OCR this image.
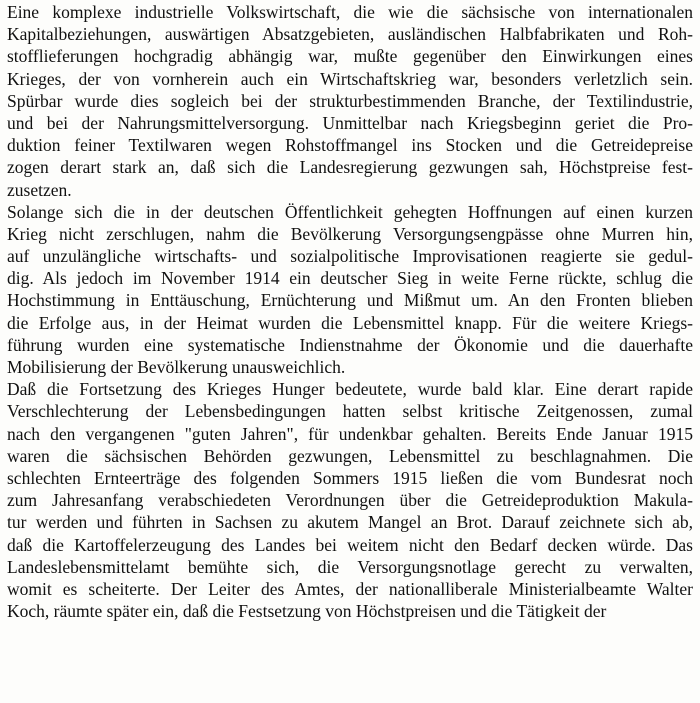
Eine komplexe industrielle Volkswirtschaft, die wie die sächsische von internationalen
Kapitalbeziehungen, auswärtigen Absatzgebieten, ausländischen Halbfabrikaten und Roh-
stofflieferungen hochgradig abhängig war, mußte gegenüber den Einwirkungen eines
Krieges, der von vornherein auch ein Wirtschaftskrieg war, besonders verletzlich sein.
Spürbar wurde dies sogleich bei der strukturbestimmenden Branche, der Textilindustrie,
und bei der Nahrungsmittelversorgung. Unmittelbar nach Kriegsbeginn geriet die Pro-
duktion feiner Textilwaren wegen Rohstoffmangel ins Stocken und die Getreidepreise
zogen derart stark an, daß sich die Landesregierung gezwungen sah, Höchstpreise fest-
zusetzen.
Solange sich die in der deutschen Öffentlichkeit gehegten Hoffnungen auf einen kurzen
Krieg nicht zerschlugen, nahm die Bevölkerung Versorgungsengpässe ohne Murren hin,
auf unzulängliche wirtschafts- und sozialpolitische Improvisationen reagierte sie gedul-
dig. Als jedoch im November 1914 ein deutscher Sieg in weite Ferne rückte, schlug die
Hochstimmung in Enttäuschung, Ernüchterung und Mißmut um. An den Fronten blieben
die Erfolge aus, in der Heimat wurden die Lebensmittel knapp. Für die weitere Kriegs-
führung wurden eine systematische Indienstnahme der Ökonomie und die dauerhafte
Mobilisierung der Bevölkerung unausweichlich.
Daß die Fortsetzung des Krieges Hunger bedeutete, wurde bald klar. Eine derart rapide
Verschlechterung der Lebensbedingungen hatten selbst kritische Zeitgenossen, zumal
nach den vergangenen "guten Jahren", für undenkbar gehalten. Bereits Ende Januar 1915
waren die sächsischen Behörden gezwungen, Lebensmittel zu beschlagnahmen. Die
schlechten Ernteerträge des folgenden Sommers 1915 ließen die vom Bundesrat noch
zum Jahresanfang verabschiedeten Verordnungen über die Getreideproduktion Makula-
tur werden und führten in Sachsen zu akutem Mangel an Brot. Darauf zeichnete sich ab,
daß die Kartoffelerzeugung des Landes bei weitem nicht den Bedarf decken würde. Das
Landeslebensmittelamt bemühte sich, die Versorgungsnotlage gerecht zu verwalten,
womit es scheiterte. Der Leiter des Amtes, der nationalliberale Ministerialbeamte Walter
Koch, räumte später ein, daß die Festsetzung von Höchstpreisen und die Tätigkeit der
